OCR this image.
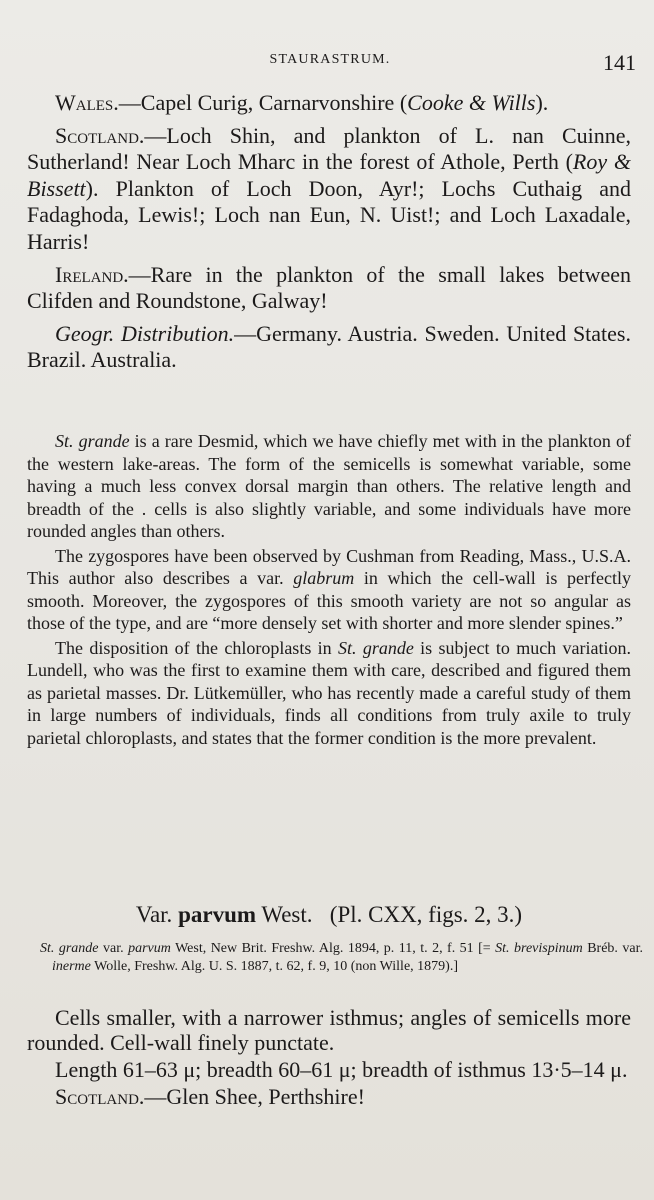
STAURASTRUM.	141

Wales.—Capel Curig, Carnarvonshire (Cooke & Wills).

Scotland.—Loch Shin, and plankton of L. nan Cuinne, Sutherland! Near Loch Mharc in the forest of Athole, Perth (Roy & Bissett). Plankton of Loch Doon, Ayr!; Lochs Cuthaig and Fadaghoda, Lewis!; Loch nan Eun, N. Uist!; and Loch Laxadale, Harris!

Ireland.—Rare in the plankton of the small lakes between Clifden and Roundstone, Galway!

Geogr. Distribution.—Germany. Austria. Sweden. United States. Brazil. Australia.

St. grande is a rare Desmid, which we have chiefly met with in the plankton of the western lake-areas. The form of the semicells is somewhat variable, some having a much less convex dorsal margin than others. The relative length and breadth of the . cells is also slightly variable, and some individuals have more rounded angles than others.

The zygospores have been observed by Cushman from Reading, Mass., U.S.A. This author also describes a var. glabrum in which the cell-wall is perfectly smooth. Moreover, the zygospores of this smooth variety are not so angular as those of the type, and are “more densely set with shorter and more slender spines.”

The disposition of the chloroplasts in St. grande is subject to much variation. Lundell, who was the first to examine them with care, described and figured them as parietal masses. Dr. Lütkemüller, who has recently made a careful study of them in large numbers of individuals, finds all conditions from truly axile to truly parietal chloroplasts, and states that the former condition is the more prevalent.

Var. parvum West. (Pl. CXX, figs. 2, 3.)
St. grande var. parvum West, New Brit. Freshw. Alg. 1894, p. 11, t. 2, f. 51 [= St. brevispinum Bréb. var. inerme Wolle, Freshw. Alg. U. S. 1887, t. 62, f. 9, 10 (non Wille, 1879).]

Cells smaller, with a narrower isthmus; angles of semicells more rounded. Cell-wall finely punctate.

Length 61–63 μ; breadth 60–61 μ; breadth of isthmus 13·5–14 μ.

Scotland.—Glen Shee, Perthshire!
